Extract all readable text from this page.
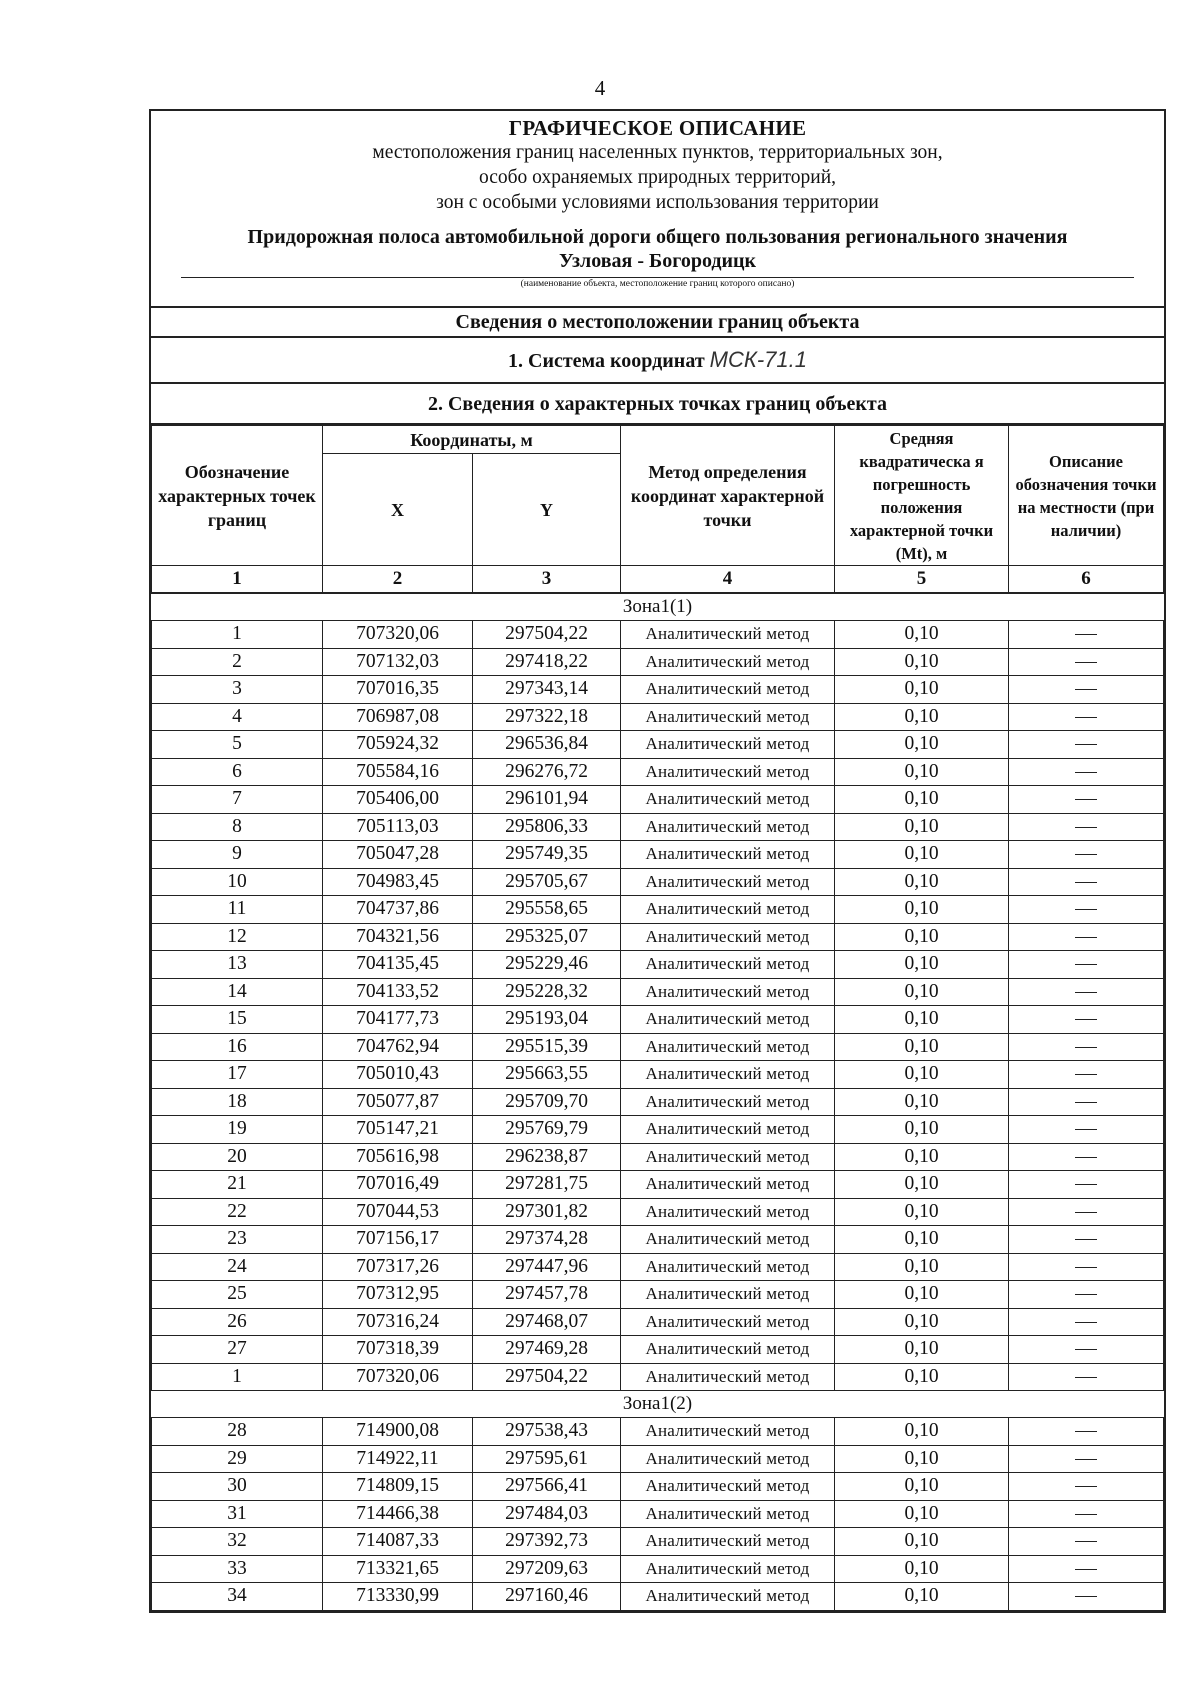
4
ГРАФИЧЕСКОЕ ОПИСАНИЕ
местоположения границ населенных пунктов, территориальных зон,
особо охраняемых природных территорий,
зон с особыми условиями использования территории
Придорожная полоса автомобильной дороги общего пользования регионального значения
Узловая - Богородицк
(наименование объекта, местоположение границ которого описано)
Сведения о местоположении границ объекта
1. Система координат МСК-71.1
2. Сведения о характерных точках границ объекта
Обозначение характерных точек границ	Координаты, м		Метод определения координат характерной точки	Средняя квадратическа я погрешность положения характерной точки (Mt), м	Описание обозначения точки на местности (при наличии)
	X	Y			
1	2	3	4	5	6
Зона1(1)					
1	707320,06	297504,22	Аналитический метод	0,10	
2	707132,03	297418,22	Аналитический метод	0,10	
3	707016,35	297343,14	Аналитический метод	0,10	
4	706987,08	297322,18	Аналитический метод	0,10	
5	705924,32	296536,84	Аналитический метод	0,10	
6	705584,16	296276,72	Аналитический метод	0,10	
7	705406,00	296101,94	Аналитический метод	0,10	
8	705113,03	295806,33	Аналитический метод	0,10	
9	705047,28	295749,35	Аналитический метод	0,10	
10	704983,45	295705,67	Аналитический метод	0,10	
11	704737,86	295558,65	Аналитический метод	0,10	
12	704321,56	295325,07	Аналитический метод	0,10	
13	704135,45	295229,46	Аналитический метод	0,10	
14	704133,52	295228,32	Аналитический метод	0,10	
15	704177,73	295193,04	Аналитический метод	0,10	
16	704762,94	295515,39	Аналитический метод	0,10	
17	705010,43	295663,55	Аналитический метод	0,10	
18	705077,87	295709,70	Аналитический метод	0,10	
19	705147,21	295769,79	Аналитический метод	0,10	
20	705616,98	296238,87	Аналитический метод	0,10	
21	707016,49	297281,75	Аналитический метод	0,10	
22	707044,53	297301,82	Аналитический метод	0,10	
23	707156,17	297374,28	Аналитический метод	0,10	
24	707317,26	297447,96	Аналитический метод	0,10	
25	707312,95	297457,78	Аналитический метод	0,10	
26	707316,24	297468,07	Аналитический метод	0,10	
27	707318,39	297469,28	Аналитический метод	0,10	
1	707320,06	297504,22	Аналитический метод	0,10	
Зона1(2)					
28	714900,08	297538,43	Аналитический метод	0,10	
29	714922,11	297595,61	Аналитический метод	0,10	
30	714809,15	297566,41	Аналитический метод	0,10	
31	714466,38	297484,03	Аналитический метод	0,10	
32	714087,33	297392,73	Аналитический метод	0,10	
33	713321,65	297209,63	Аналитический метод	0,10	
34	713330,99	297160,46	Аналитический метод	0,10	
